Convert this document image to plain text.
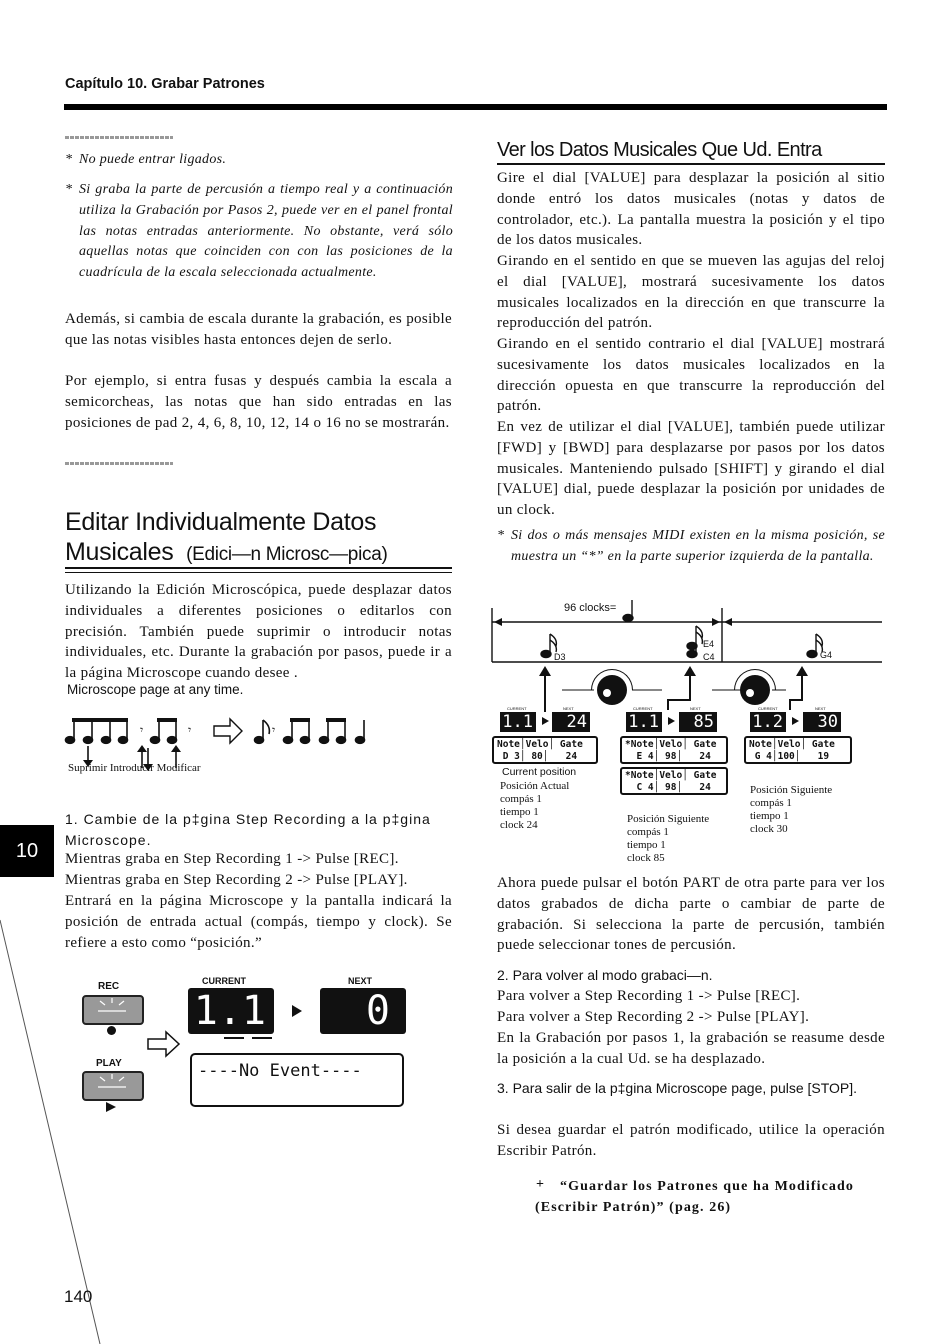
Capítulo 10. Grabar Patrones
10
140
* No puede entrar ligados.
* Si graba la parte de percusión a tiempo real y a continuación utiliza la Grabación por Pasos 2, puede ver en el panel frontal las notas entradas anteriormente. No obstante, verá sólo aquellas notas que coinciden con con las posiciones de la cuadrícula de la escala seleccionada actualmente.
Además, si cambia de escala durante la grabación, es posible que las notas visibles hasta entonces dejen de serlo.
Por ejemplo, si entra fusas y después cambia la escala a semicorcheas, las notas que han sido entradas en las posiciones de pad 2, 4, 6, 8, 10, 12, 14 o 16 no se mostrarán.
Editar Individualmente Datos
Musicales (Edici—n Microsc—pica)
Utilizando la Edición Microscópica, puede desplazar datos individuales a diferentes posiciones o editarlos con precisión. También puede suprimir o introducir notas individuales, etc. Durante la grabación por pasos, puede ir a la página Microscope cuando desee .
Microscope page at any time.
𝄾	𝄾	𝄾
Suprimir Introducir Modificar
1. Cambie de la p‡gina Step Recording a la p‡gina Microscope.
Mientras graba en Step Recording 1 -> Pulse [REC].
Mientras graba en Step Recording 2 -> Pulse [PLAY].
Entrará en la página Microscope y la pantalla indicará la posición de entrada actual (compás, tiempo y clock). Se refiere a esto como “posición.”
REC
PLAY
CURRENT	NEXT
1.1	0
----No Event----
Ver los Datos Musicales Que Ud. Entra
Gire el dial [VALUE] para desplazar la posición al sitio donde entró los datos musicales (notas y datos de controlador, etc.). La pantalla muestra la posición y el tipo de los datos musicales.
Girando en el sentido en que se mueven las agujas del reloj el dial [VALUE], mostrará sucesivamente los datos musicales localizados en la dirección en que transcurre la reproducción del patrón.
Girando en el sentido contrario el dial [VALUE] mostrará sucesivamente los datos musicales localizados en la dirección opuesta en que transcurre la reproducción del patrón.
En vez de utilizar el dial [VALUE], también puede utilizar [FWD] y [BWD] para desplazarse por pasos por los datos musicales. Manteniendo pulsado [SHIFT] y girando el dial [VALUE] dial, puede desplazar la posición por unidades de un clock.
* Si dos o más mensajes MIDI existen en la misma posición, se muestra un “*” en la parte superior izquierda de la pantalla.
96 clocks=
D3
E4
C4	G4
CURRENT	NEXT
1.1	24
Note│Velo│ Gate
D 3│ 80│   24
CURRENT	NEXT
1.1	85
*Note│Velo│ Gate
E 4│ 98│   24
*Note│Velo│ Gate
C 4│ 98│   24
CURRENT	NEXT
1.2	30
Note│Velo│ Gate
G 4│100│   19
Current position
Posición Actual
compás 1
tiempo 1
clock 24	Posición Siguiente
compás 1
tiempo 1
clock 85
Posición Siguiente
compás 1
tiempo 1
clock 30
Ahora puede pulsar el botón PART de otra parte para ver los datos grabados de dicha parte o cambiar de parte de grabación. Si selecciona la parte de percusión, también puede seleccionar tones de percusión.
2. Para volver al modo grabaci—n.
Para volver a Step Recording 1 -> Pulse [REC].
Para volver a Step Recording 2 -> Pulse [PLAY].
En la Grabación por pasos 1, la grabación se reasume desde la posición a la cual Ud. se ha desplazado.
3. Para salir de la p‡gina Microscope page, pulse [STOP].
Si desea guardar el patrón modificado, utilice la operación Escribir Patrón.
+	“Guardar los Patrones que ha Modificado (Escribir Patrón)” (pag. 26)
